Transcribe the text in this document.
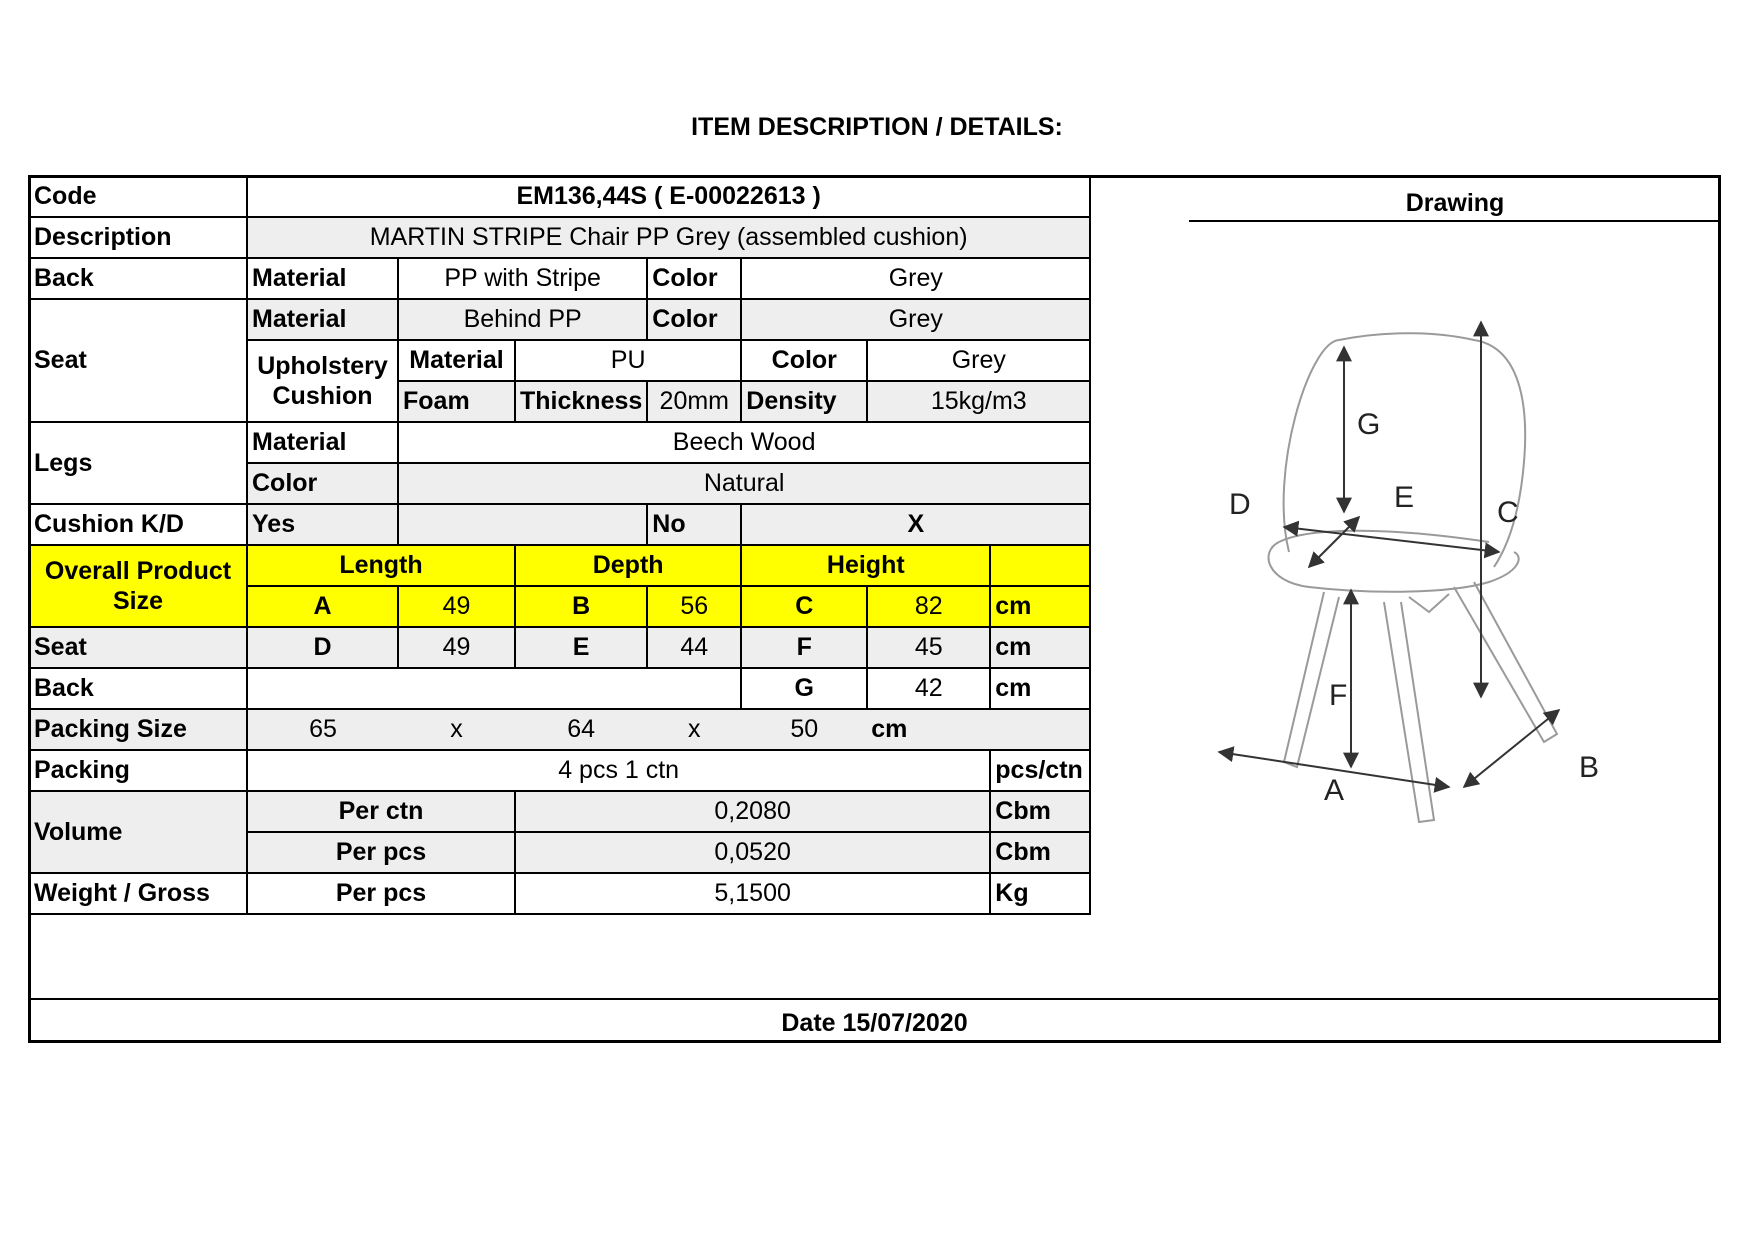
ITEM DESCRIPTION / DETAILS:
Code	EM136,44S ( E-00022613 )						
Description	MARTIN STRIPE Chair PP Grey (assembled cushion)						
Back	Material	PP with Stripe		Color	Grey		
Seat	Material	Behind PP		Color	Grey		
	Upholstery Cushion	Material	PU		Color	Grey	
		Foam	Thickness	20mm	Density	15kg/m3	
Legs	Material	Beech Wood					
	Color	Natural					
Cushion K/D	Yes			No	X		
Overall Product Size	Length		Depth		Height		
	A	49	B	56	C	82	cm
Seat	D	49	E	44	F	45	cm
Back					G	42	cm
Packing Size	65	x	64	x	50	cm	
Packing	4 pcs 1 ctn						pcs/ctn
Volume	Per ctn		0,2080				Cbm
	Per pcs		0,0520				Cbm
Weight / Gross	Per pcs		5,1500				Kg
Drawing
G
C
D	E
F
A
B
Date 15/07/2020
